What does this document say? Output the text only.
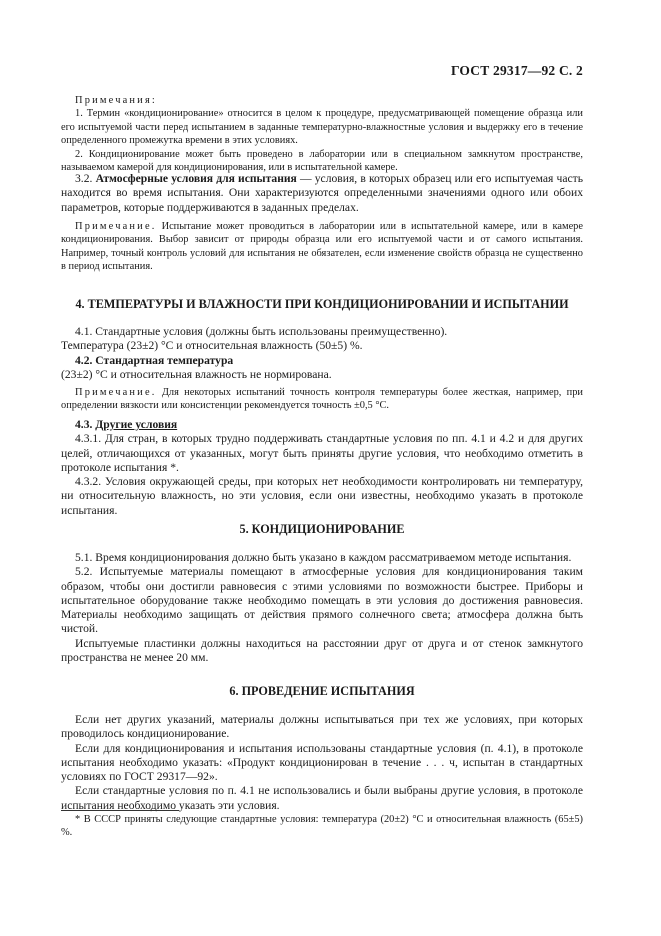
ГОСТ 29317—92 С. 2

Примечания:

1. Термин «кондиционирование» относится в целом к процедуре, предусматривающей помещение образца или его испытуемой части перед испытанием в заданные температурно-влажностные условия и выдержку его в течение определенного промежутка времени в этих условиях.

2. Кондиционирование может быть проведено в лаборатории или в специальном замкнутом пространстве, называемом камерой для кондиционирования, или в испытательной камере.

3.2. Атмосферные условия для испытания — условия, в которых образец или его испытуемая часть находится во время испытания. Они характеризуются определенными значениями одного или обоих параметров, которые поддерживаются в заданных пределах.

Примечание. Испытание может проводиться в лаборатории или в испытательной камере, или в камере кондиционирования. Выбор зависит от природы образца или его испытуемой части и от самого испытания. Например, точный контроль условий для испытания не обязателен, если изменение свойств образца не существенно в период испытания.

4. ТЕМПЕРАТУРЫ И ВЛАЖНОСТИ ПРИ КОНДИЦИОНИРОВАНИИ И ИСПЫТАНИИ

4.1. Стандартные условия (должны быть использованы преимущественно).

Температура (23±2) °С и относительная влажность (50±5) %.

4.2. Стандартная температура

(23±2) °С и относительная влажность не нормирована.

Примечание. Для некоторых испытаний точность контроля температуры более жесткая, например, при определении вязкости или консистенции рекомендуется точность ±0,5 °С.

4.3. Другие условия

4.3.1. Для стран, в которых трудно поддерживать стандартные условия по пп. 4.1 и 4.2 и для других целей, отличающихся от указанных, могут быть приняты другие условия, что необходимо отметить в протоколе испытания *.

4.3.2. Условия окружающей среды, при которых нет необходимости контролировать ни температуру, ни относительную влажность, но эти условия, если они известны, необходимо указать в протоколе испытания.

5. КОНДИЦИОНИРОВАНИЕ

5.1. Время кондиционирования должно быть указано в каждом рассматриваемом методе испытания.

5.2. Испытуемые материалы помещают в атмосферные условия для кондиционирования таким образом, чтобы они достигли равновесия с этими условиями по возможности быстрее. Приборы и испытательное оборудование также необходимо помещать в эти условия до достижения равновесия. Материалы необходимо защищать от действия прямого солнечного света; атмосфера должна быть чистой.

Испытуемые пластинки должны находиться на расстоянии друг от друга и от стенок замкнутого пространства не менее 20 мм.

6. ПРОВЕДЕНИЕ ИСПЫТАНИЯ

Если нет других указаний, материалы должны испытываться при тех же условиях, при которых проводилось кондиционирование.

Если для кондиционирования и испытания использованы стандартные условия (п. 4.1), в протоколе испытания необходимо указать: «Продукт кондиционирован в течение . . . ч, испытан в стандартных условиях по ГОСТ 29317—92».

Если стандартные условия по п. 4.1 не использовались и были выбраны другие условия, в протоколе испытания необходимо указать эти условия.

* В СССР приняты следующие стандартные условия: температура (20±2) °С и относительная влажность (65±5) %.
